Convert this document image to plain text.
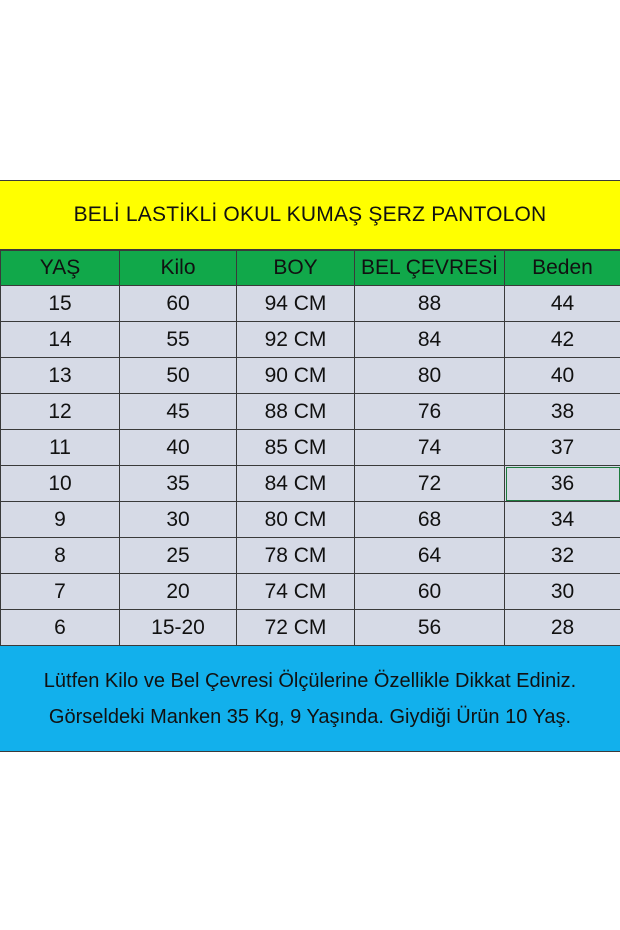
BELİ LASTİKLİ OKUL KUMAŞ ŞERZ PANTOLON
YAŞ	Kilo	BOY	BEL ÇEVRESİ	Beden
15	60	94 CM	88	44
14	55	92 CM	84	42
13	50	90 CM	80	40
12	45	88 CM	76	38
11	40	85 CM	74	37
10	35	84 CM	72	36
9	30	80 CM	68	34
8	25	78 CM	64	32
7	20	74 CM	60	30
6	15-20	72 CM	56	28
Lütfen Kilo ve Bel Çevresi Ölçülerine Özellikle Dikkat Ediniz. Görseldeki Manken 35 Kg, 9 Yaşında. Giydiği Ürün 10 Yaş.
